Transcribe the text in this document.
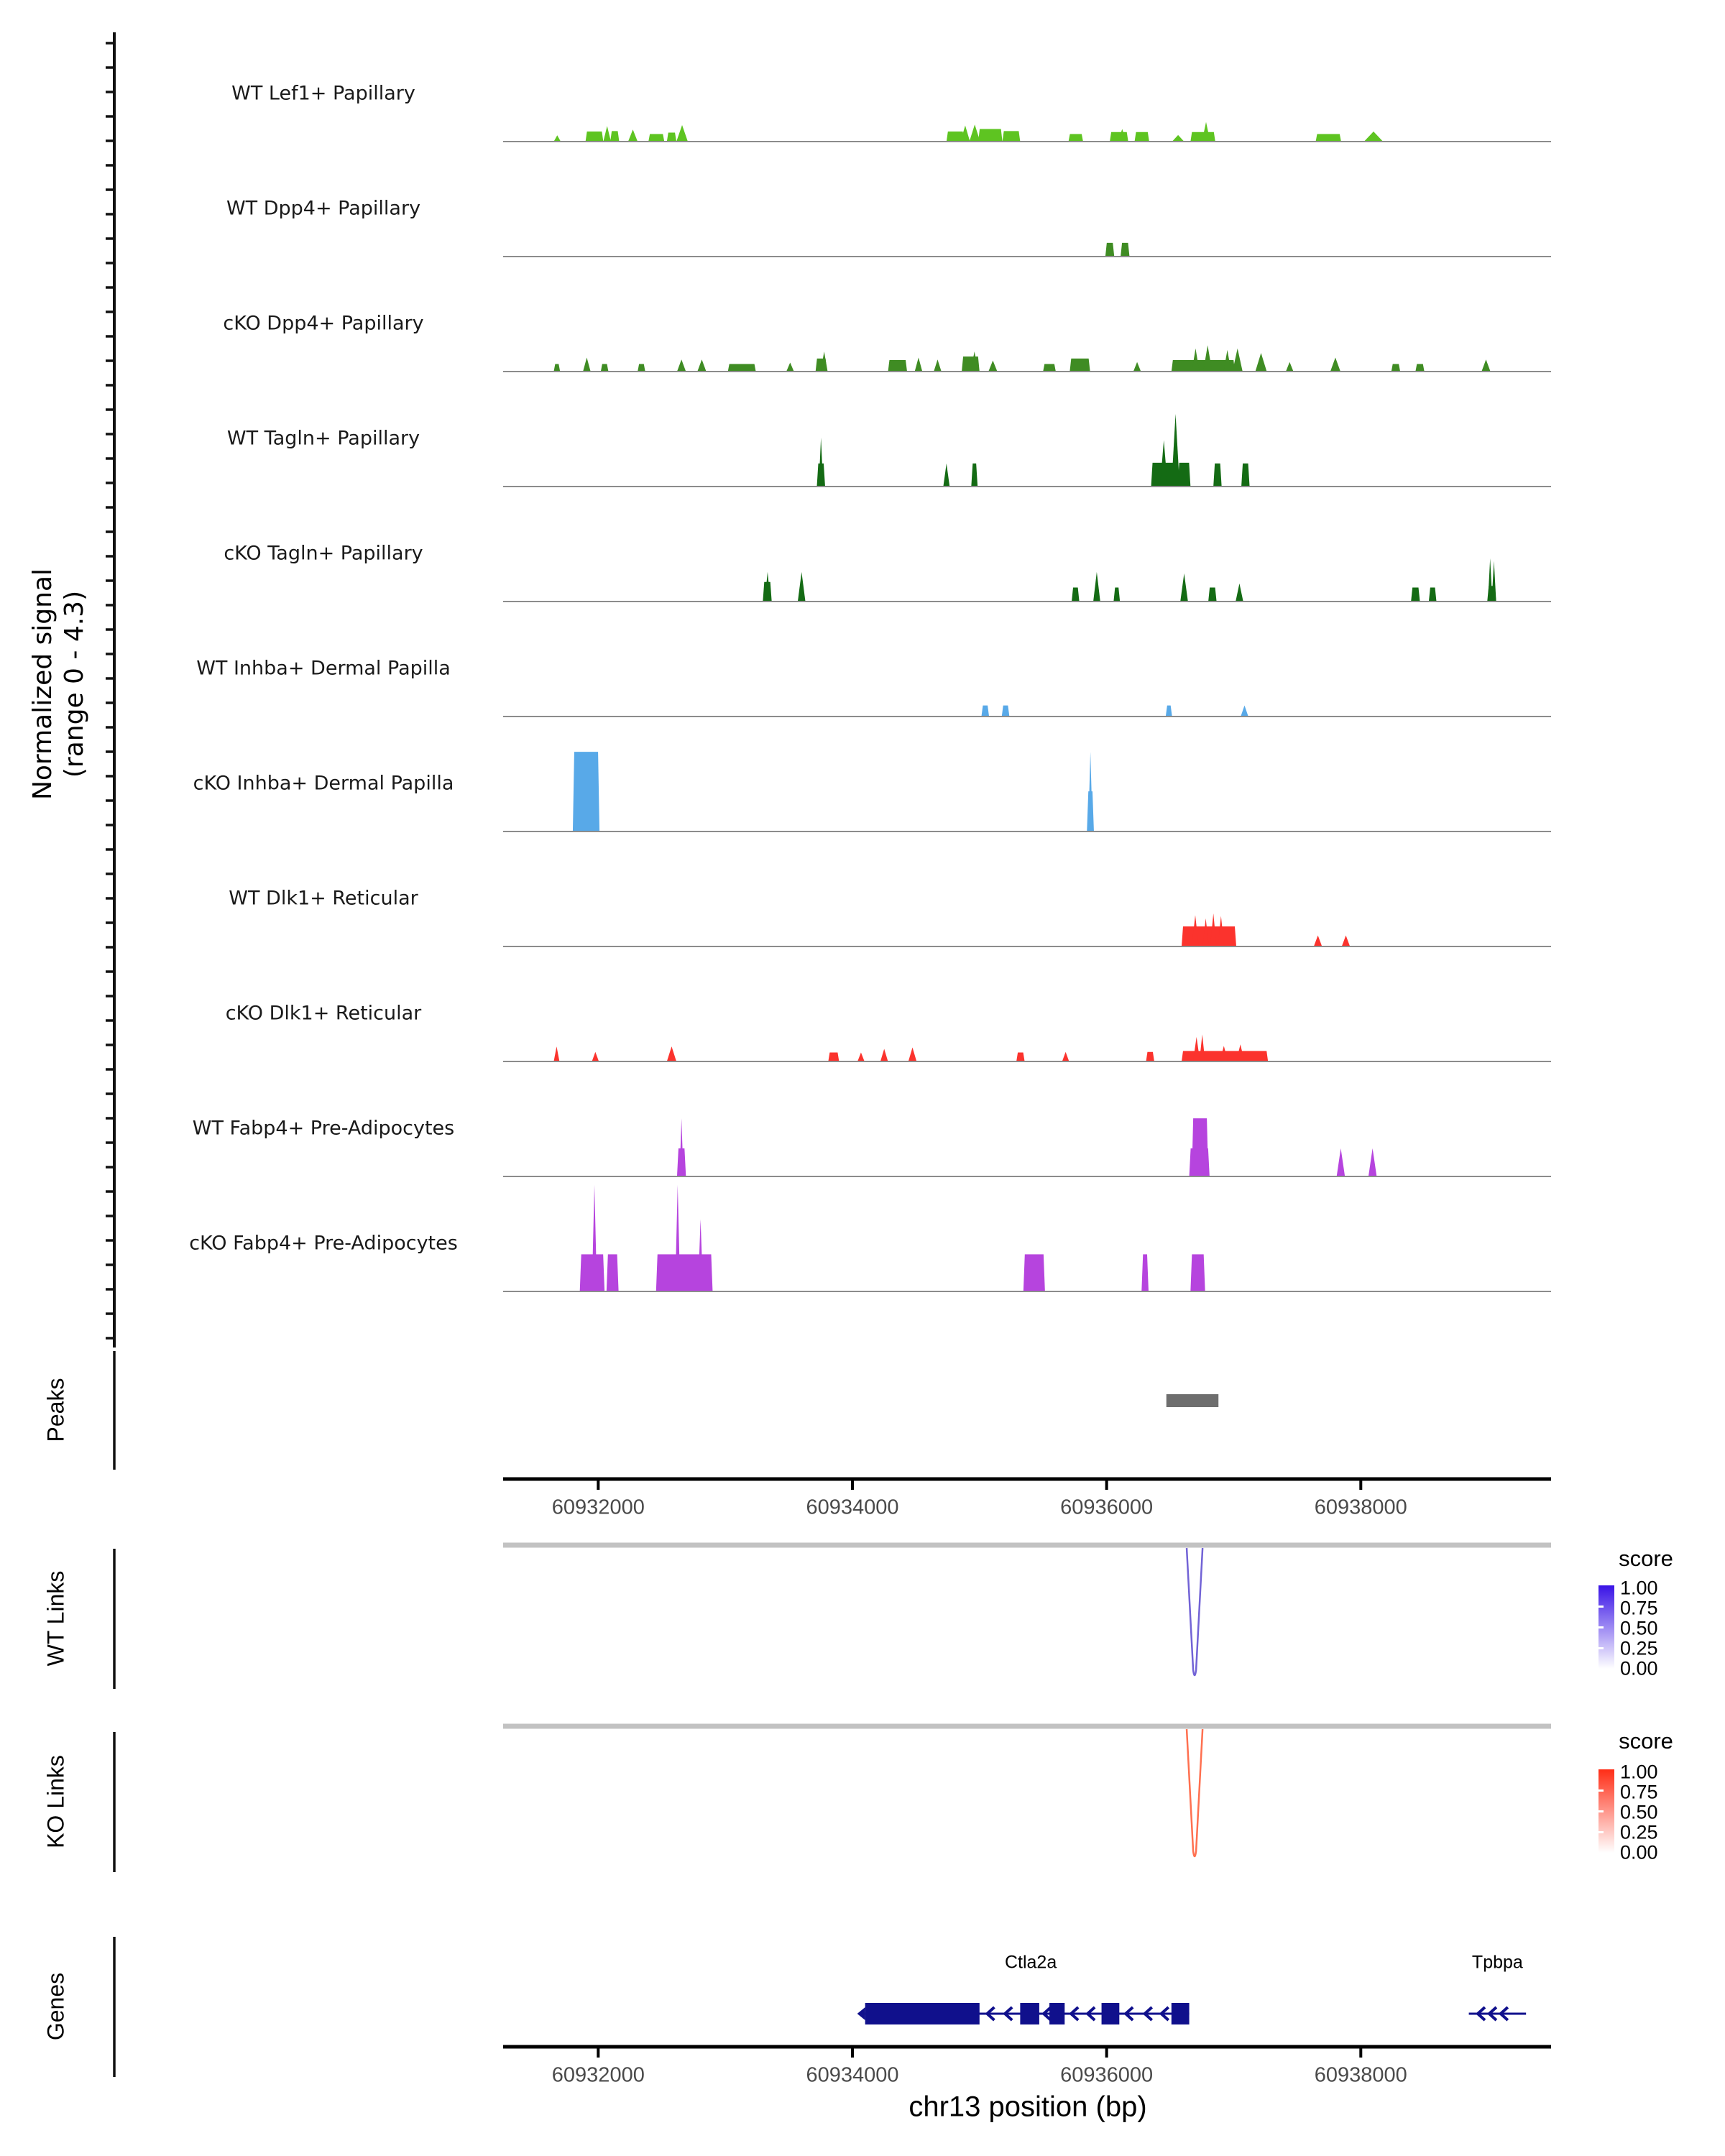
Normalized signal (range 0 - 4.3)
Peaks
WT Links
KO Links
Genes
score
1.00
0.75
0.50
0.25
0.00
score
1.00
0.75
0.50
0.25
0.00
WT Lef1+ Papillary
WT Dpp4+ Papillary
cKO Dpp4+ Papillary
WT Tagln+ Papillary
cKO Tagln+ Papillary
WT Inhba+ Dermal Papilla
cKO Inhba+ Dermal Papilla
WT Dlk1+ Reticular
cKO Dlk1+ Reticular
WT Fabp4+ Pre-Adipocytes
cKO Fabp4+ Pre-Adipocytes
60932000	60934000	60936000	60938000
60932000	60934000	60936000	60938000
Ctla2a	Tpbpa
chr13 position (bp)
